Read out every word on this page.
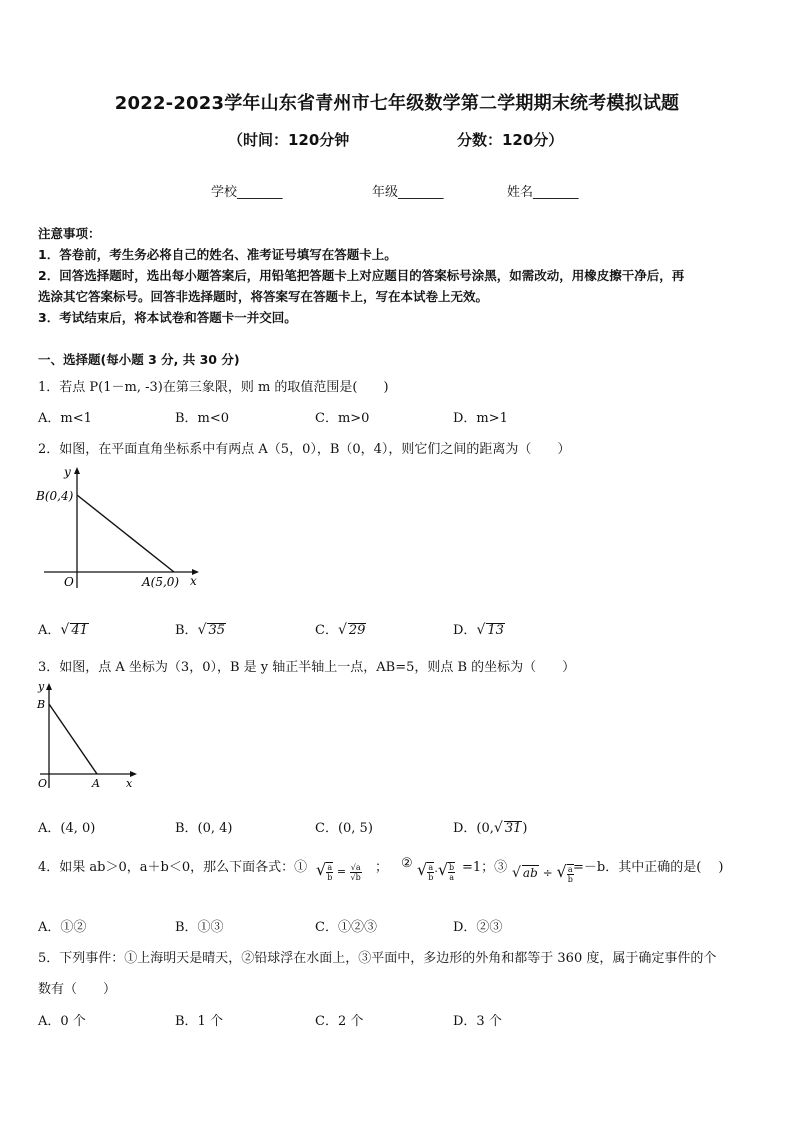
2022-2023学年山东省青州市七年级数学第二学期期末统考模拟试题
（时间：120分钟	分数：120分）
学校_______	年级_______	姓名_______
注意事项：
1．答卷前，考生务必将自己的姓名、准考证号填写在答题卡上。
2．回答选择题时，选出每小题答案后，用铅笔把答题卡上对应题目的答案标号涂黑，如需改动，用橡皮擦干净后，再
选涂其它答案标号。回答非选择题时，将答案写在答题卡上，写在本试卷上无效。
3．考试结束后，将本试卷和答题卡一并交回。
一、选择题(每小题 3 分, 共 30 分)
1．若点 P(1－m, -3)在第三象限，则 m 的取值范围是(　　)
A．m<1	B．m<0	C．m>0	D．m>1
2．如图，在平面直角坐标系中有两点 A（5，0），B（0，4），则它们之间的距离为（　　）
y
x
O
B(0,4)
A(5,0)
A．√ 41	B．√ 35	C．√ 29	D．√ 13
3．如图，点 A 坐标为（3，0），B 是 y 轴正半轴上一点，AB=5，则点 B 的坐标为（　　）
y
x
O
B
A
A．(4, 0)	B．(0, 4)	C．(0, 5)	D．(0,√ 31)
4．如果 ab＞0，a＋b＜0，那么下面各式：① √ $\frac{a}{b} = \frac{√a}{√b}$ ； ② √ $\frac{a}{b}$ ·√ $\frac{b}{a} =1$；③ √ ab ÷ √ $\frac{a}{b} =-b$．其中正确的是(　 )
A．①②	B．①③	C．①②③	D．②③
5．下列事件：①上海明天是晴天，②铅球浮在水面上，③平面中，多边形的外角和都等于 360 度，属于确定事件的个
数有（　　）
A．0 个	B．1 个	C．2 个	D．3 个
